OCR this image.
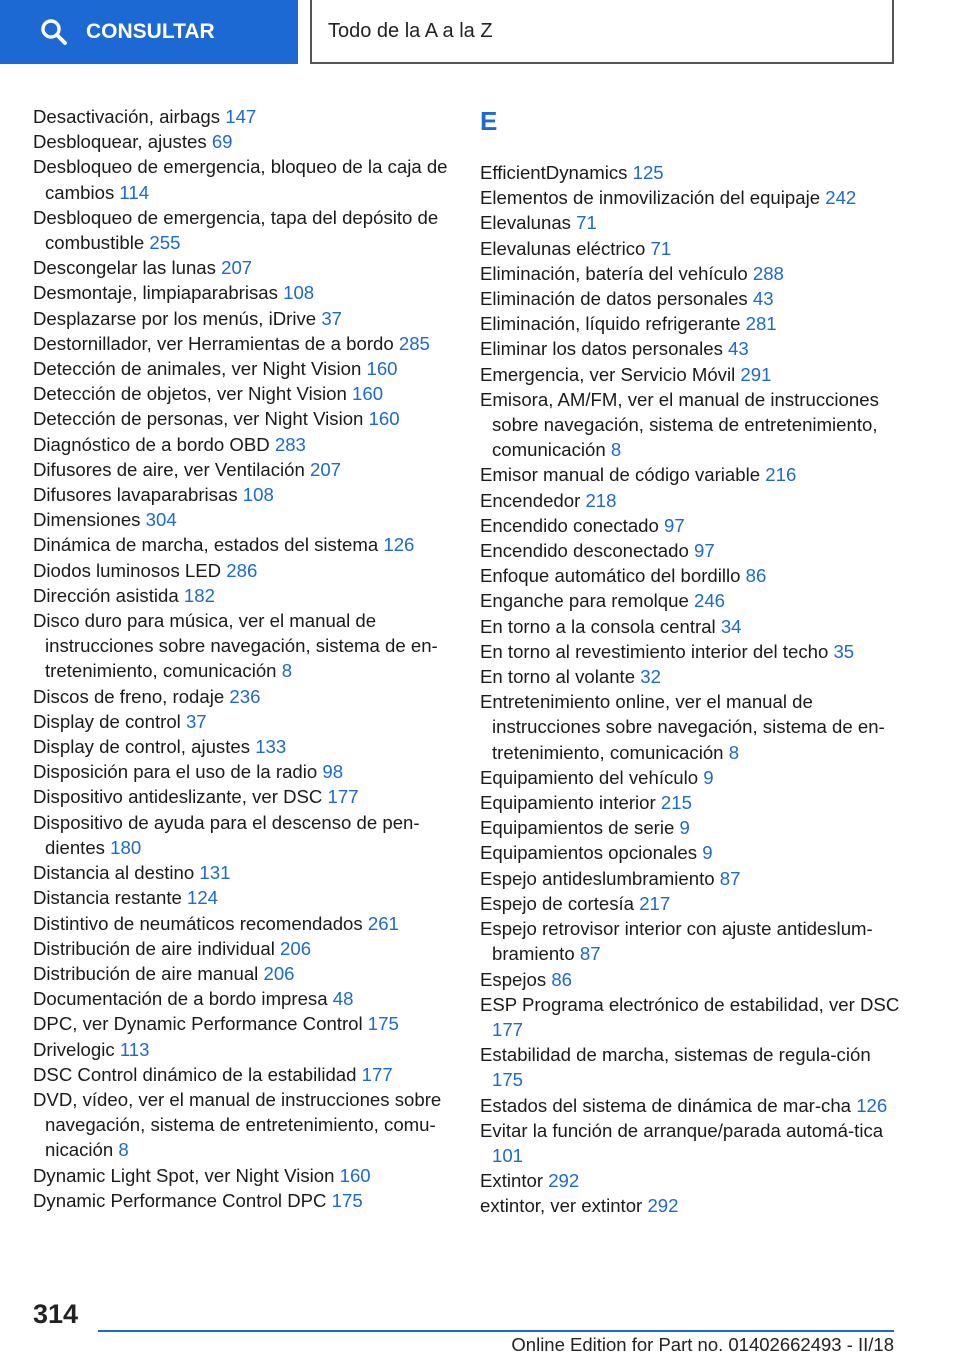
CONSULTAR	Todo de la A a la Z

Desactivación, airbags 147

Desbloquear, ajustes 69

Desbloqueo de emergencia, bloqueo de la caja de cambios 114

Desbloqueo de emergencia, tapa del depósito de combustible 255

Descongelar las lunas 207

Desmontaje, limpiaparabrisas 108

Desplazarse por los menús, iDrive 37

Destornillador, ver Herramientas de a bordo 285

Detección de animales, ver Night Vision 160

Detección de objetos, ver Night Vision 160

Detección de personas, ver Night Vision 160

Diagnóstico de a bordo OBD 283

Difusores de aire, ver Ventilación 207

Difusores lavaparabrisas 108

Dimensiones 304

Dinámica de marcha, estados del sistema 126

Diodos luminosos LED 286

Dirección asistida 182

Disco duro para música, ver el manual de instrucciones sobre navegación, sistema de en-tretenimiento, comunicación 8

Discos de freno, rodaje 236

Display de control 37

Display de control, ajustes 133

Disposición para el uso de la radio 98

Dispositivo antideslizante, ver DSC 177

Dispositivo de ayuda para el descenso de pen-dientes 180

Distancia al destino 131

Distancia restante 124

Distintivo de neumáticos recomendados 261

Distribución de aire individual 206

Distribución de aire manual 206

Documentación de a bordo impresa 48

DPC, ver Dynamic Performance Control 175

Drivelogic 113

DSC Control dinámico de la estabilidad 177

DVD, vídeo, ver el manual de instrucciones sobre navegación, sistema de entretenimiento, comu-nicación 8

Dynamic Light Spot, ver Night Vision 160

Dynamic Performance Control DPC 175

E

EfficientDynamics 125

Elementos de inmovilización del equipaje 242

Elevalunas 71

Elevalunas eléctrico 71

Eliminación, batería del vehículo 288

Eliminación de datos personales 43

Eliminación, líquido refrigerante 281

Eliminar los datos personales 43

Emergencia, ver Servicio Móvil 291

Emisora, AM/FM, ver el manual de instrucciones sobre navegación, sistema de entretenimiento, comunicación 8

Emisor manual de código variable 216

Encendedor 218

Encendido conectado 97

Encendido desconectado 97

Enfoque automático del bordillo 86

Enganche para remolque 246

En torno a la consola central 34

En torno al revestimiento interior del techo 35

En torno al volante 32

Entretenimiento online, ver el manual de instrucciones sobre navegación, sistema de en-tretenimiento, comunicación 8

Equipamiento del vehículo 9

Equipamiento interior 215

Equipamientos de serie 9

Equipamientos opcionales 9

Espejo antideslumbramiento 87

Espejo de cortesía 217

Espejo retrovisor interior con ajuste antideslum-bramiento 87

Espejos 86

ESP Programa electrónico de estabilidad, ver DSC 177

Estabilidad de marcha, sistemas de regula-ción 175

Estados del sistema de dinámica de mar-cha 126

Evitar la función de arranque/parada automá-tica 101

Extintor 292

extintor, ver extintor 292

314
Online Edition for Part no. 01402662493 - II/18
